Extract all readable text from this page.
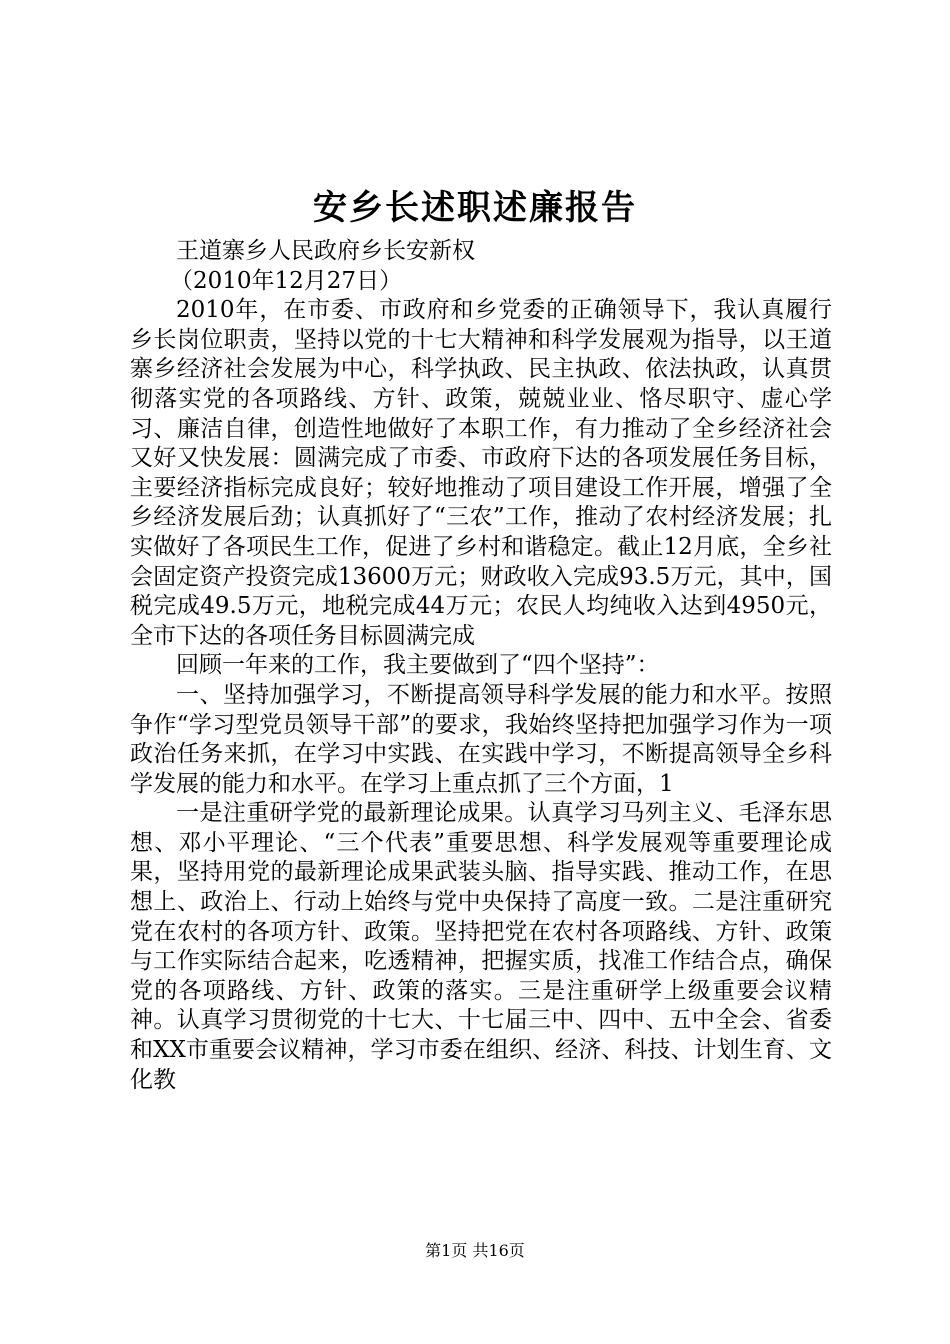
安乡长述职述廉报告

王道寨乡人民政府乡长安新权

（2010年12月27日）

2010年，在市委、市政府和乡党委的正确领导下，我认真履行乡长岗位职责，坚持以党的十七大精神和科学发展观为指导，以王道寨乡经济社会发展为中心，科学执政、民主执政、依法执政，认真贯彻落实党的各项路线、方针、政策，兢兢业业、恪尽职守、虚心学习、廉洁自律，创造性地做好了本职工作，有力推动了全乡经济社会又好又快发展：圆满完成了市委、市政府下达的各项发展任务目标，主要经济指标完成良好；较好地推动了项目建设工作开展，增强了全乡经济发展后劲；认真抓好了“三农”工作，推动了农村经济发展；扎实做好了各项民生工作，促进了乡村和谐稳定。截止12月底，全乡社会固定资产投资完成13600万元；财政收入完成93.5万元，其中，国税完成49.5万元，地税完成44万元；农民人均纯收入达到4950元，全市下达的各项任务目标圆满完成

回顾一年来的工作，我主要做到了“四个坚持”：

一、坚持加强学习，不断提高领导科学发展的能力和水平。按照争作“学习型党员领导干部”的要求，我始终坚持把加强学习作为一项政治任务来抓，在学习中实践、在实践中学习，不断提高领导全乡科学发展的能力和水平。在学习上重点抓了三个方面，1

一是注重研学党的最新理论成果。认真学习马列主义、毛泽东思想、邓小平理论、“三个代表”重要思想、科学发展观等重要理论成果，坚持用党的最新理论成果武装头脑、指导实践、推动工作，在思想上、政治上、行动上始终与党中央保持了高度一致。二是注重研究党在农村的各项方针、政策。坚持把党在农村各项路线、方针、政策与工作实际结合起来，吃透精神，把握实质，找准工作结合点，确保党的各项路线、方针、政策的落实。三是注重研学上级重要会议精神。认真学习贯彻党的十七大、十七届三中、四中、五中全会、省委和XX市重要会议精神，学习市委在组织、经济、科技、计划生育、文化教

第1页 共16页
